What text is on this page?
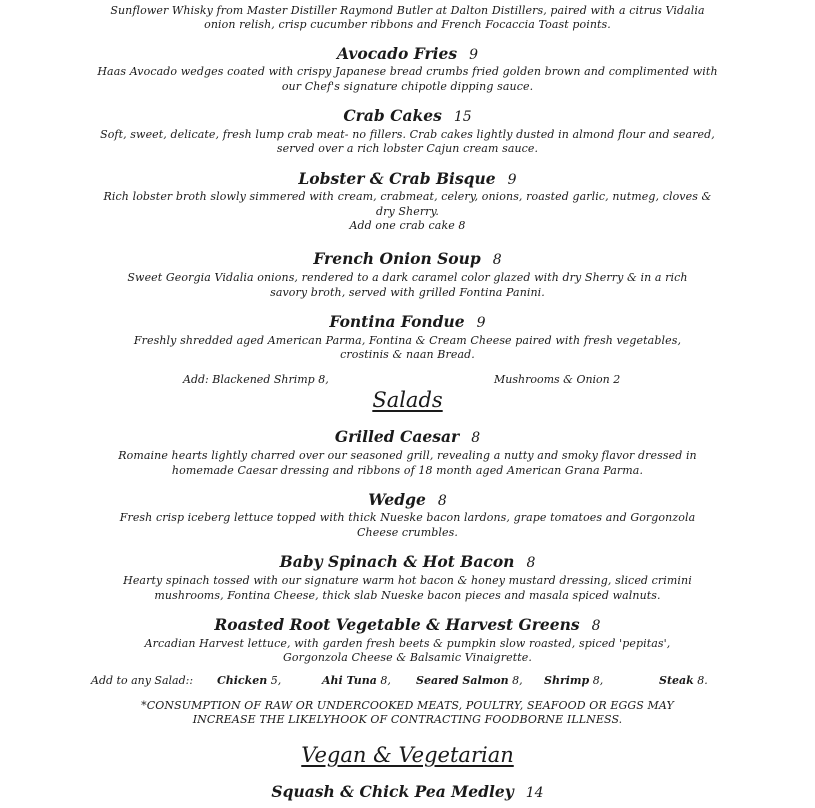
Sunflower Whisky from Master Distiller Raymond Butler at Dalton Distillers, paired with a citrus Vidalia
onion relish, crisp cucumber ribbons and French Focaccia Toast points.
Avocado Fries 9
Haas Avocado wedges coated with crispy Japanese bread crumbs fried golden brown and complimented with
our Chef's signature chipotle dipping sauce.
Crab Cakes 15
Soft, sweet, delicate, fresh lump crab meat- no fillers. Crab cakes lightly dusted in almond flour and seared,
served over a rich lobster Cajun cream sauce.
Lobster & Crab Bisque 9
Rich lobster broth slowly simmered with cream, crabmeat, celery, onions, roasted garlic, nutmeg, cloves &
dry Sherry.
Add one crab cake 8
French Onion Soup 8
Sweet Georgia Vidalia onions, rendered to a dark caramel color glazed with dry Sherry & in a rich
savory broth, served with grilled Fontina Panini.
Fontina Fondue 9
Freshly shredded aged American Parma, Fontina & Cream Cheese paired with fresh vegetables,
crostinis & naan Bread.
Add: Blackened Shrimp 8,	Mushrooms & Onion 2
Salads
Grilled Caesar 8
Romaine hearts lightly charred over our seasoned grill, revealing a nutty and smoky flavor dressed in
homemade Caesar dressing and ribbons of 18 month aged American Grana Parma.
Wedge 8
Fresh crisp iceberg lettuce topped with thick Nueske bacon lardons, grape tomatoes and Gorgonzola
Cheese crumbles.
Baby Spinach & Hot Bacon 8
Hearty spinach tossed with our signature warm hot bacon & honey mustard dressing, sliced crimini
mushrooms, Fontina Cheese, thick slab Nueske bacon pieces and masala spiced walnuts.
Roasted Root Vegetable & Harvest Greens 8
Arcadian Harvest lettuce, with garden fresh beets & pumpkin slow roasted, spiced 'pepitas',
Gorgonzola Cheese & Balsamic Vinaigrette.
Add to any Salad:: Chicken 5,	Ahi Tuna 8, Seared Salmon 8, Shrimp 8,	Steak 8.
*CONSUMPTION OF RAW OR UNDERCOOKED MEATS, POULTRY, SEAFOOD OR EGGS MAY
INCREASE THE LIKELYHOOK OF CONTRACTING FOODBORNE ILLNESS.
Vegan & Vegetarian
Squash & Chick Pea Medley 14
